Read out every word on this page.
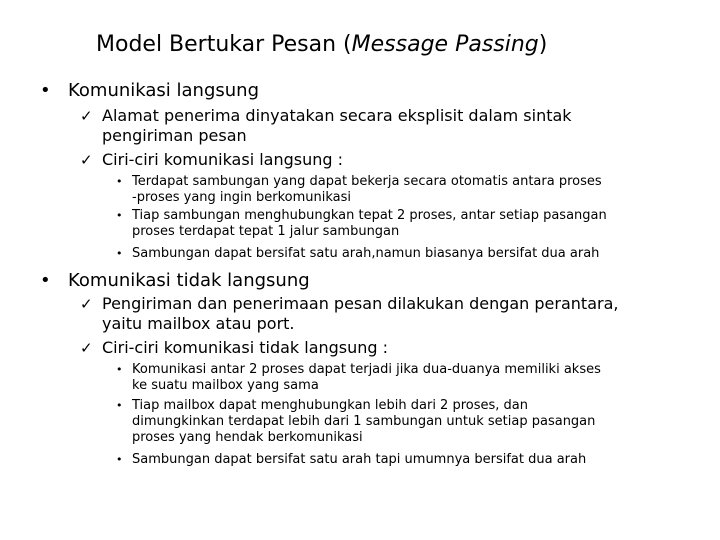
Model Bertukar Pesan (Message Passing)
• Komunikasi langsung
✓ Alamat penerima dinyatakan secara eksplisit dalam sintak
pengiriman pesan
✓ Ciri-ciri komunikasi langsung :
• Terdapat sambungan yang dapat bekerja secara otomatis antara proses
-proses yang ingin berkomunikasi
• Tiap sambungan menghubungkan tepat 2 proses, antar setiap pasangan
proses terdapat tepat 1 jalur sambungan
• Sambungan dapat bersifat satu arah,namun biasanya bersifat dua arah
• Komunikasi tidak langsung
✓ Pengiriman dan penerimaan pesan dilakukan dengan perantara,
yaitu mailbox atau port.
✓ Ciri-ciri komunikasi tidak langsung :
• Komunikasi antar 2 proses dapat terjadi jika dua-duanya memiliki akses
ke suatu mailbox yang sama
• Tiap mailbox dapat menghubungkan lebih dari 2 proses, dan
dimungkinkan terdapat lebih dari 1 sambungan untuk setiap pasangan
proses yang hendak berkomunikasi
• Sambungan dapat bersifat satu arah tapi umumnya bersifat dua arah
